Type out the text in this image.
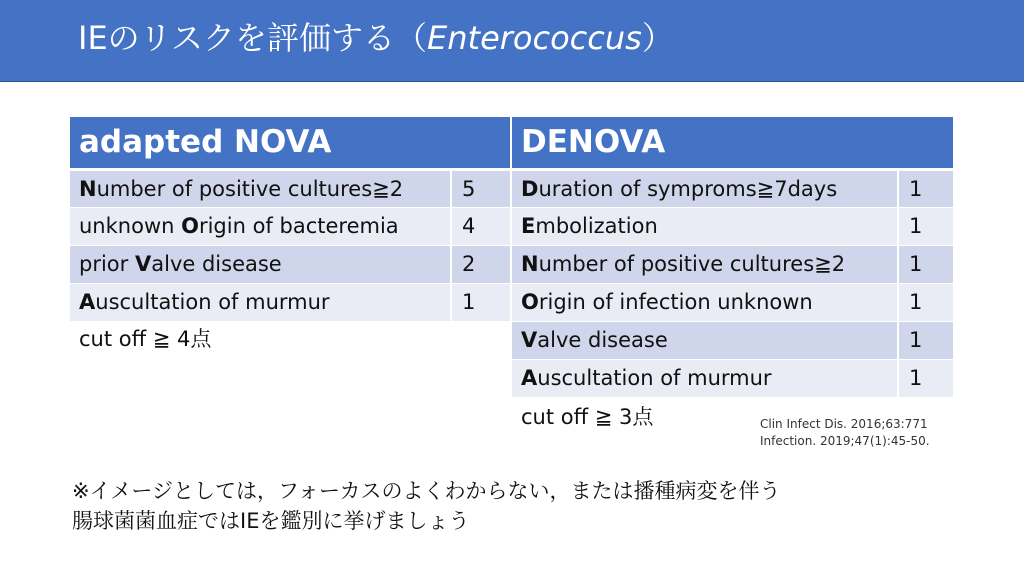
IEのリスクを評価する（Enterococcus）
adapted NOVA	
Number of positive cultures≧2	5
unknown Origin of bacteremia	4
prior Valve disease	2
Auscultation of murmur	1
cut off ≧ 4点
DENOVA	
Duration of symproms≧7days	1
Embolization	1
Number of positive cultures≧2	1
Origin of infection unknown	1
Valve disease	1
Auscultation of murmur	1
cut off ≧ 3点	Clin Infect Dis. 2016;63:771
Infection. 2019;47(1):45-50.
※イメージとしては，フォーカスのよくわからない，または播種病変を伴う
腸球菌菌血症ではIEを鑑別に挙げましょう
